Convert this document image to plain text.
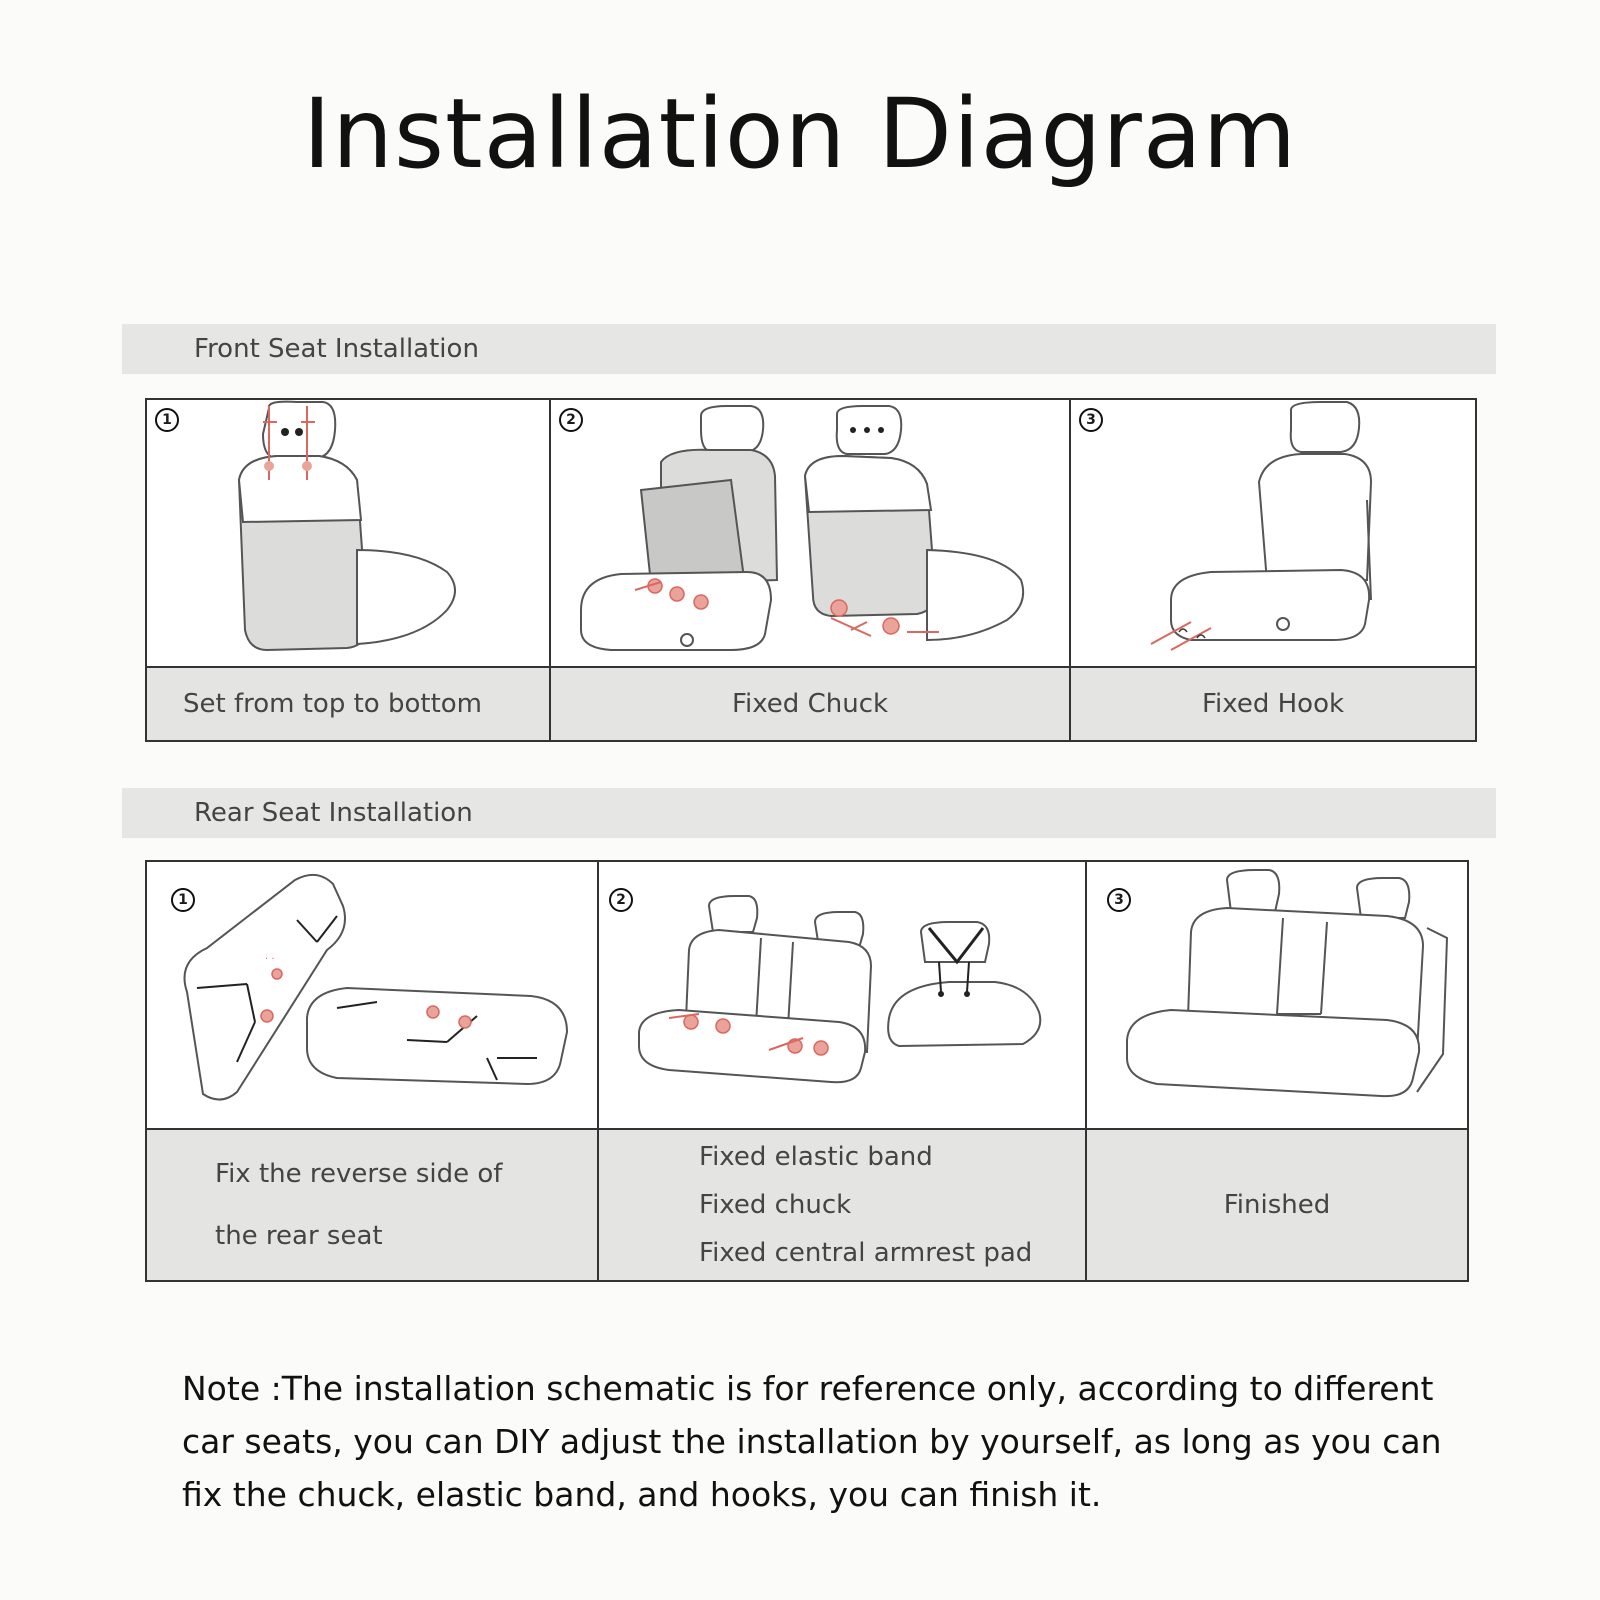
Installation Diagram
Front Seat Installation
1
Set from top to bottom
2
Fixed Chuck
3
Fixed Hook
Rear Seat Installation
1
· ·
Fix the reverse side of
the rear seat
2
Fixed elastic band
Fixed chuck
Fixed central armrest pad
3
Finished
Note :The installation schematic is for reference only, according to different car seats, you can DIY adjust the installation by yourself, as long as you can fix the chuck, elastic band, and hooks, you can finish it.
